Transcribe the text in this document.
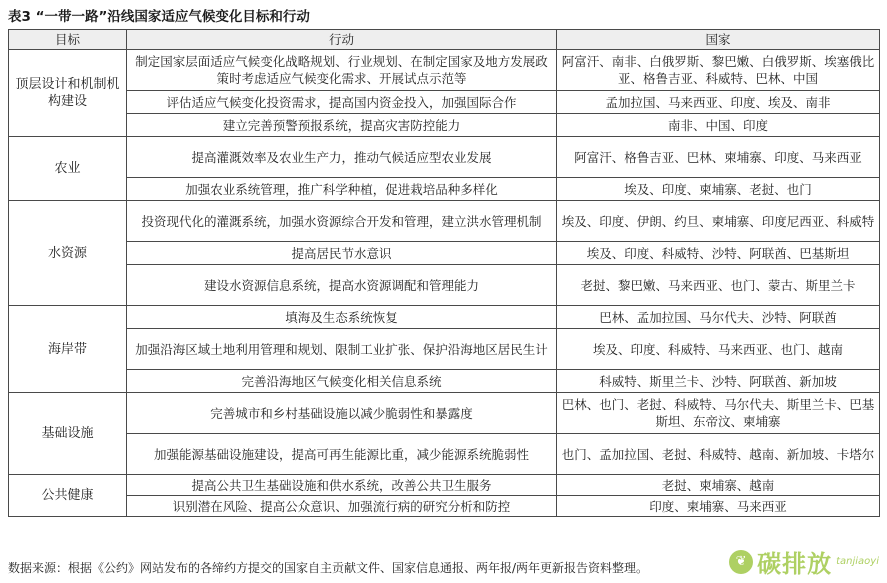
表3 “一带一路”沿线国家适应气候变化目标和行动
目标	行动	国家
顶层设计和机制机构建设	制定国家层面适应气候变化战略规划、行业规划、在制定国家及地方发展政策时考虑适应气候变化需求、开展试点示范等	阿富汗、南非、白俄罗斯、黎巴嫩、白俄罗斯、埃塞俄比亚、格鲁吉亚、科威特、巴林、中国
	评估适应气候变化投资需求，提高国内资金投入，加强国际合作	孟加拉国、马来西亚、印度、埃及、南非
	建立完善预警预报系统，提高灾害防控能力	南非、中国、印度
农业	提高灌溉效率及农业生产力，推动气候适应型农业发展	阿富汗、格鲁吉亚、巴林、柬埔寨、印度、马来西亚
	加强农业系统管理，推广科学种植，促进栽培品种多样化	埃及、印度、柬埔寨、老挝、也门
水资源	投资现代化的灌溉系统，加强水资源综合开发和管理，建立洪水管理机制	埃及、印度、伊朗、约旦、柬埔寨、印度尼西亚、科威特
	提高居民节水意识	埃及、印度、科威特、沙特、阿联酋、巴基斯坦
	建设水资源信息系统，提高水资源调配和管理能力	老挝、黎巴嫩、马来西亚、也门、蒙古、斯里兰卡
海岸带	填海及生态系统恢复	巴林、孟加拉国、马尔代夫、沙特、阿联酋
	加强沿海区域土地利用管理和规划、限制工业扩张、保护沿海地区居民生计	埃及、印度、科威特、马来西亚、也门、越南
	完善沿海地区气候变化相关信息系统	科威特、斯里兰卡、沙特、阿联酋、新加坡
基础设施	完善城市和乡村基础设施以减少脆弱性和暴露度	巴林、也门、老挝、科威特、马尔代夫、斯里兰卡、巴基斯坦、东帝汶、柬埔寨
	加强能源基础设施建设，提高可再生能源比重，减少能源系统脆弱性	也门、孟加拉国、老挝、科威特、越南、新加坡、卡塔尔
公共健康	提高公共卫生基础设施和供水系统，改善公共卫生服务	老挝、柬埔寨、越南
	识别潜在风险、提高公众意识、加强流行病的研究分析和防控	印度、柬埔寨、马来西亚
数据来源：根据《公约》网站发布的各缔约方提交的国家自主贡献文件、国家信息通报、两年报/两年更新报告资料整理。	❦ 碳排放 tanjiaoyi
